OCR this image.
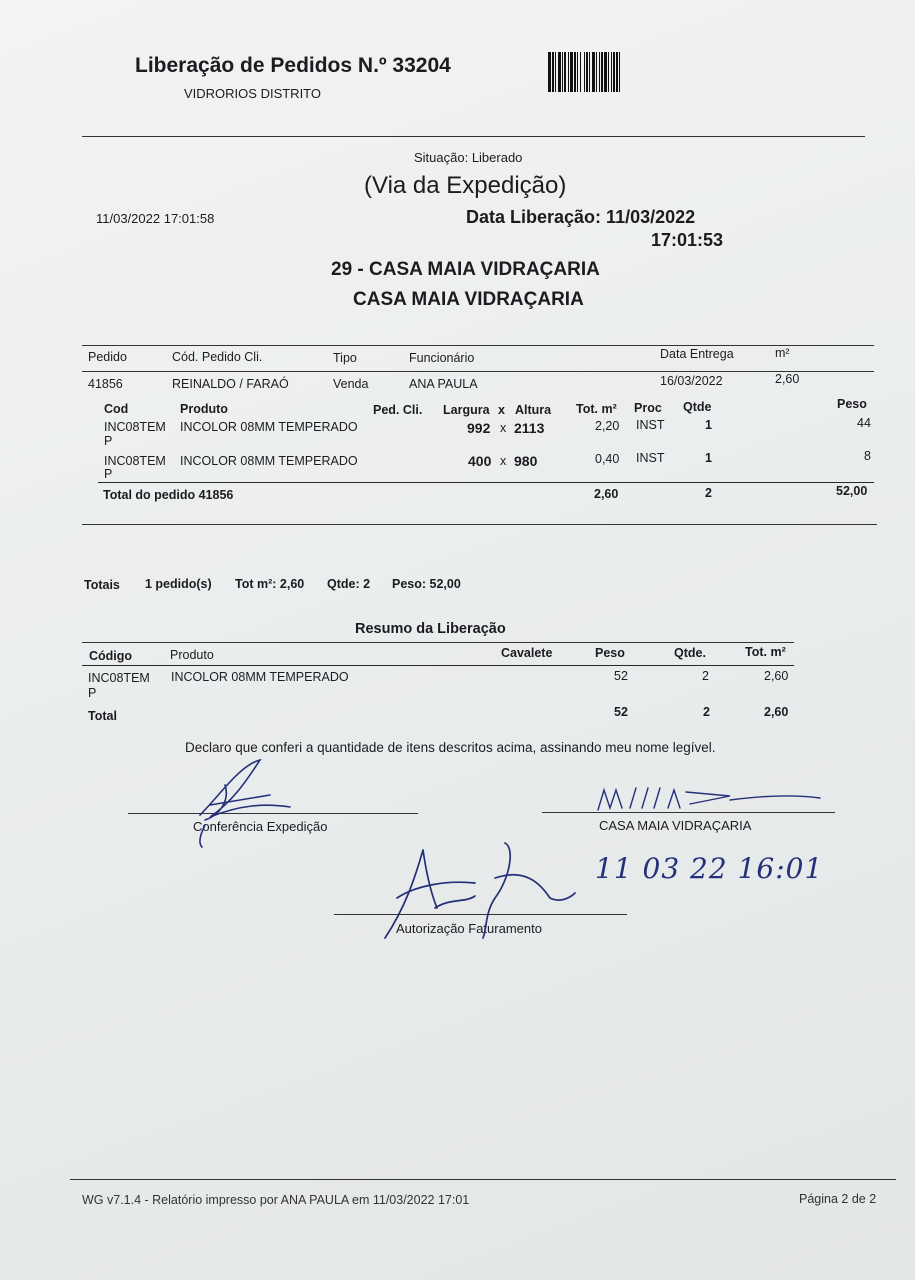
Liberação de Pedidos N.º 33204
VIDRORIOS DISTRITO
Situação: Liberado
(Via da Expedição)
11/03/2022 17:01:58	Data Liberação: 11/03/2022
17:01:53
29 - CASA MAIA VIDRAÇARIA
CASA MAIA VIDRAÇARIA
Pedido	Cód. Pedido Cli.	Tipo	Funcionário	Data Entrega	m²
41856	REINALDO / FARAÓ	Venda	ANA PAULA	16/03/2022	2,60
Cod	Produto	Ped. Cli. Largura x Altura Tot. m² Proc Qtde	Peso
INC08TEM
P
INCOLOR 08MM TEMPERADO	992 x 2113	2,20 INST	1	44
INC08TEM
P
INCOLOR 08MM TEMPERADO	400 x 980	0,40 INST	1	8
Total do pedido 41856	2,60	2	52,00
Totais 1 pedido(s) Tot m²: 2,60 Qtde: 2 Peso: 52,00
Resumo da Liberação
Código	Produto	Cavalete	Peso	Qtde.	Tot. m²
INC08TEM
P
INCOLOR 08MM TEMPERADO	52	2	2,60
Total	52	2	2,60
Declaro que conferi a quantidade de itens descritos acima, assinando meu nome legível.
Conferência Expedição	CASA MAIA VIDRAÇARIA
Autorização Faturamento
11 03 22 16:01
WG v7.1.4 - Relatório impresso por ANA PAULA em 11/03/2022 17:01	Página 2 de 2
